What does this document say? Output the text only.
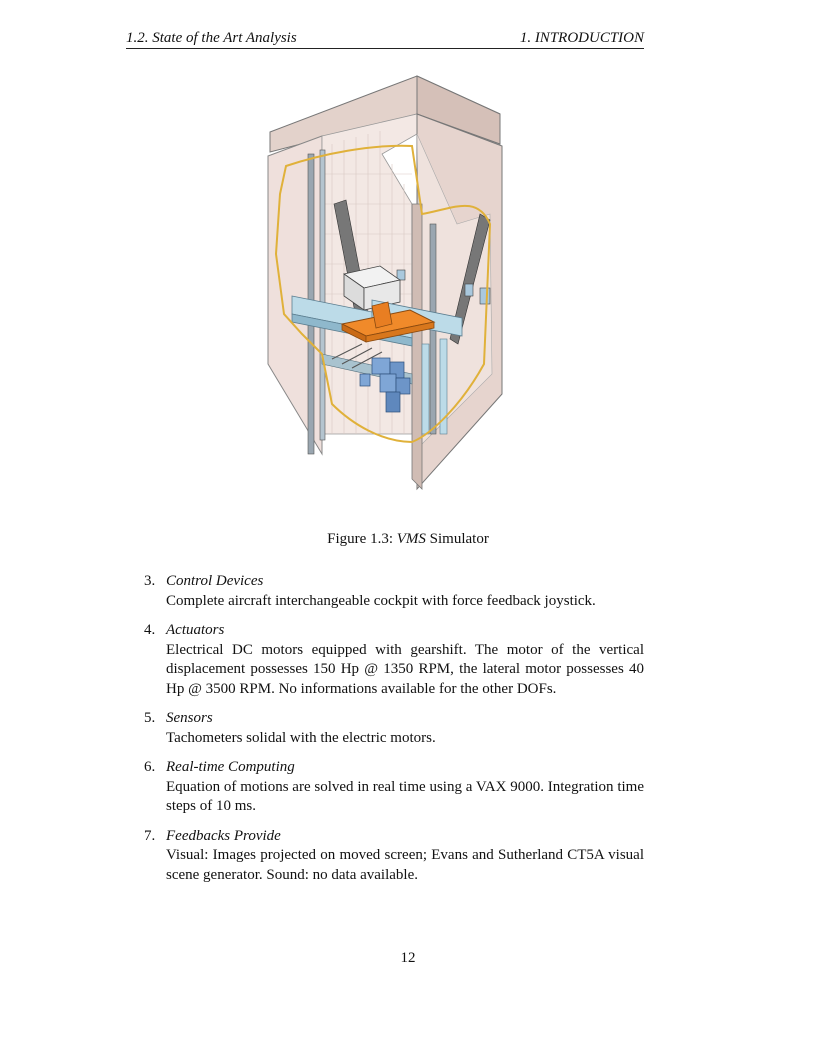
1.2. State of the Art Analysis	1. INTRODUCTION
Figure 1.3: VMS Simulator
3. Control Devices
Complete aircraft interchangeable cockpit with force feedback joystick.
4. Actuators
Electrical DC motors equipped with gearshift. The motor of the vertical displacement possesses 150 Hp @ 1350 RPM, the lateral motor possesses 40 Hp @ 3500 RPM. No informations available for the other DOFs.
5. Sensors
Tachometers solidal with the electric motors.
6. Real-time Computing
Equation of motions are solved in real time using a VAX 9000. Integration time steps of 10 ms.
7. Feedbacks Provide
Visual: Images projected on moved screen; Evans and Sutherland CT5A visual scene generator. Sound: no data available.
12
